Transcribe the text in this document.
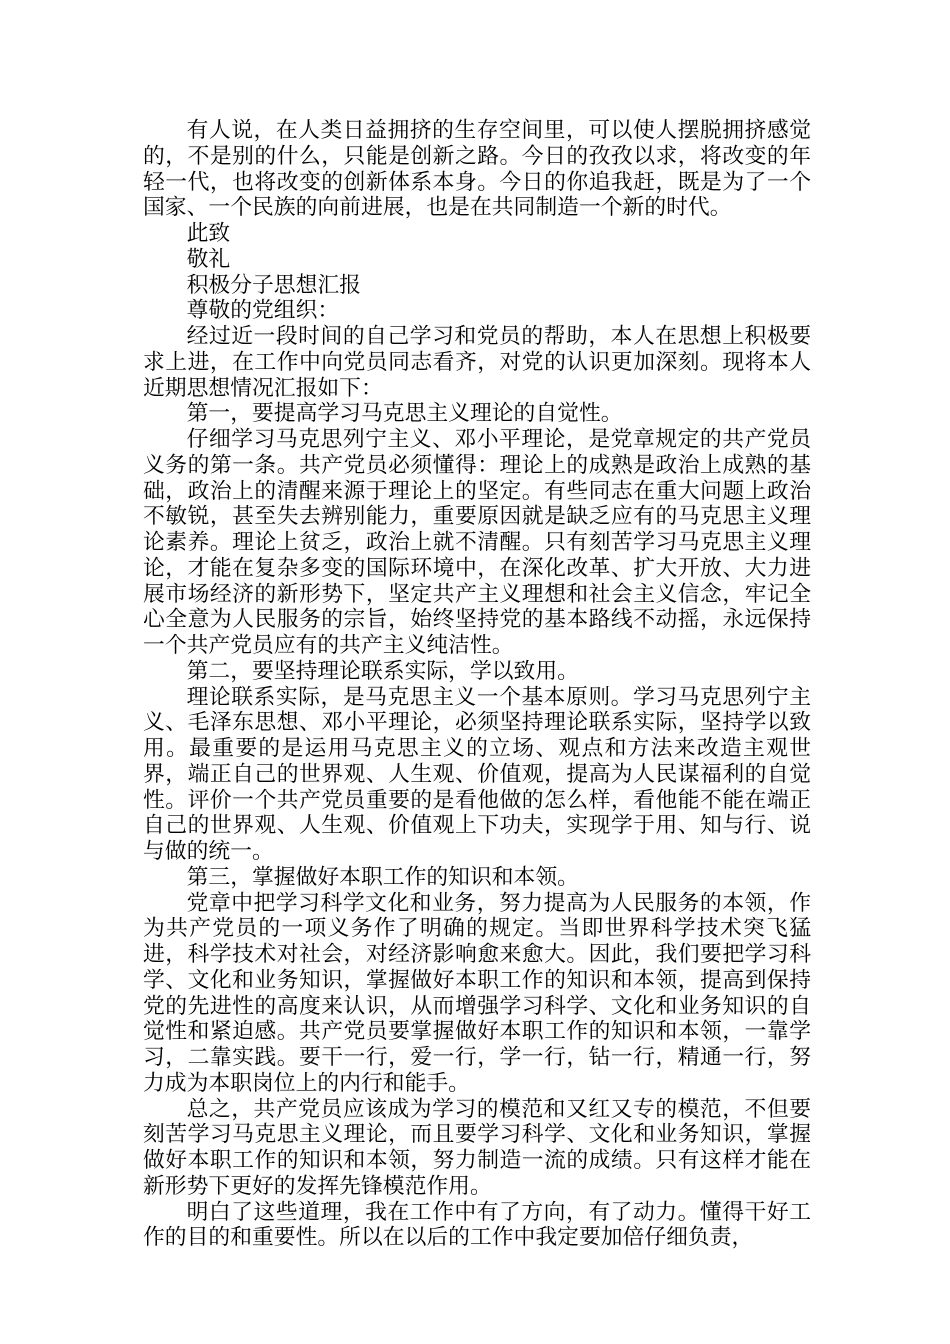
有人说，在人类日益拥挤的生存空间里，可以使人摆脱拥挤感觉的，不是别的什么，只能是创新之路。今日的孜孜以求，将改变的年轻一代，也将改变的创新体系本身。今日的你追我赶，既是为了一个国家、一个民族的向前进展，也是在共同制造一个新的时代。

此致

敬礼

积极分子思想汇报

尊敬的党组织：

经过近一段时间的自己学习和党员的帮助，本人在思想上积极要求上进，在工作中向党员同志看齐，对党的认识更加深刻。现将本人近期思想情况汇报如下：

第一，要提高学习马克思主义理论的自觉性。

仔细学习马克思列宁主义、邓小平理论，是党章规定的共产党员义务的第一条。共产党员必须懂得：理论上的成熟是政治上成熟的基础，政治上的清醒来源于理论上的坚定。有些同志在重大问题上政治不敏锐，甚至失去辨别能力，重要原因就是缺乏应有的马克思主义理论素养。理论上贫乏，政治上就不清醒。只有刻苦学习马克思主义理论，才能在复杂多变的国际环境中，在深化改革、扩大开放、大力进展市场经济的新形势下，坚定共产主义理想和社会主义信念，牢记全心全意为人民服务的宗旨，始终坚持党的基本路线不动摇，永远保持一个共产党员应有的共产主义纯洁性。

第二，要坚持理论联系实际，学以致用。

理论联系实际，是马克思主义一个基本原则。学习马克思列宁主义、毛泽东思想、邓小平理论，必须坚持理论联系实际，坚持学以致用。最重要的是运用马克思主义的立场、观点和方法来改造主观世界，端正自己的世界观、人生观、价值观，提高为人民谋福利的自觉性。评价一个共产党员重要的是看他做的怎么样，看他能不能在端正自己的世界观、人生观、价值观上下功夫，实现学于用、知与行、说与做的统一。

第三，掌握做好本职工作的知识和本领。

党章中把学习科学文化和业务，努力提高为人民服务的本领，作为共产党员的一项义务作了明确的规定。当即世界科学技术突飞猛进，科学技术对社会，对经济影响愈来愈大。因此，我们要把学习科学、文化和业务知识，掌握做好本职工作的知识和本领，提高到保持党的先进性的高度来认识，从而增强学习科学、文化和业务知识的自觉性和紧迫感。共产党员要掌握做好本职工作的知识和本领，一靠学习，二靠实践。要干一行，爱一行，学一行，钻一行，精通一行，努力成为本职岗位上的内行和能手。

总之，共产党员应该成为学习的模范和又红又专的模范，不但要刻苦学习马克思主义理论，而且要学习科学、文化和业务知识，掌握做好本职工作的知识和本领，努力制造一流的成绩。只有这样才能在新形势下更好的发挥先锋模范作用。

明白了这些道理，我在工作中有了方向，有了动力。懂得干好工作的目的和重要性。所以在以后的工作中我定要加倍仔细负责，
